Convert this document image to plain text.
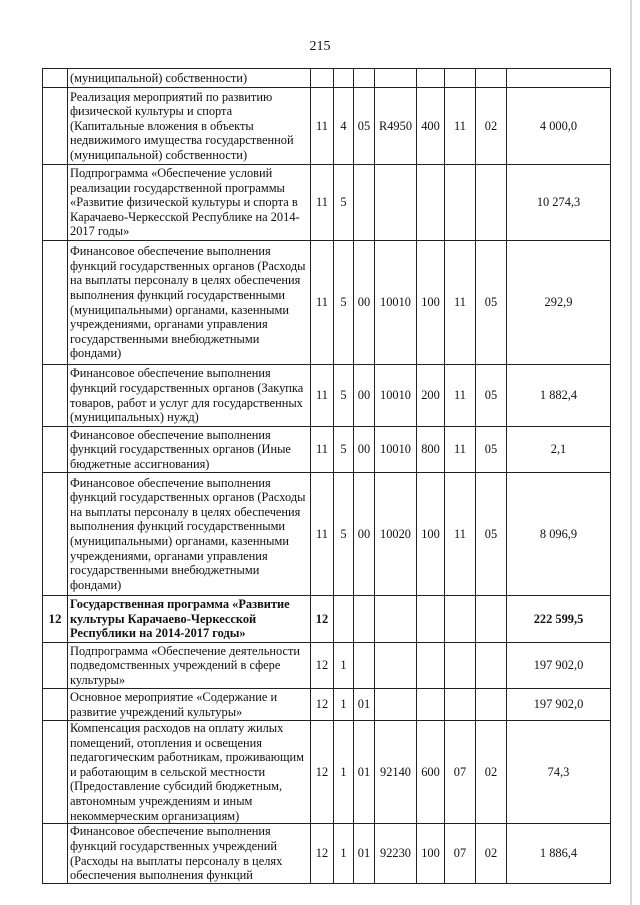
215
	(муниципальной) собственности)								
	Реализация мероприятий по развитию физической культуры и спорта (Капитальные вложения в объекты недвижимого имущества государственной (муниципальной) собственности)	11	4	05	R4950	400	11	02	4 000,0
	Подпрограмма «Обеспечение условий реализации государственной программы «Развитие физической культуры и спорта в Карачаево-Черкесской Республике на 2014-2017 годы»	11	5						10 274,3
	Финансовое обеспечение выполнения функций государственных органов (Расходы на выплаты персоналу в целях обеспечения выполнения функций государственными (муниципальными) органами, казенными учреждениями, органами управления государственными внебюджетными фондами)	11	5	00	10010	100	11	05	292,9
	Финансовое обеспечение выполнения функций государственных органов (Закупка товаров, работ и услуг для государственных (муниципальных) нужд)	11	5	00	10010	200	11	05	1 882,4
	Финансовое обеспечение выполнения функций государственных органов (Иные бюджетные ассигнования)	11	5	00	10010	800	11	05	2,1
	Финансовое обеспечение выполнения функций государственных органов (Расходы на выплаты персоналу в целях обеспечения выполнения функций государственными (муниципальными) органами, казенными учреждениями, органами управления государственными внебюджетными фондами)	11	5	00	10020	100	11	05	8 096,9
12	Государственная программа «Развитие культуры Карачаево-Черкесской Республики на 2014-2017 годы»	12							222 599,5
	Подпрограмма «Обеспечение деятельности подведомственных учреждений в сфере культуры»	12	1						197 902,0
	Основное мероприятие «Содержание и развитие учреждений культуры»	12	1	01					197 902,0
	Компенсация расходов на оплату жилых помещений, отопления и освещения педагогическим работникам, проживающим и работающим в сельской местности (Предоставление субсидий бюджетным, автономным учреждениям и иным некоммерческим организациям)	12	1	01	92140	600	07	02	74,3
	Финансовое обеспечение выполнения функций государственных учреждений (Расходы на выплаты персоналу в целях обеспечения выполнения функций	12	1	01	92230	100	07	02	1 886,4
